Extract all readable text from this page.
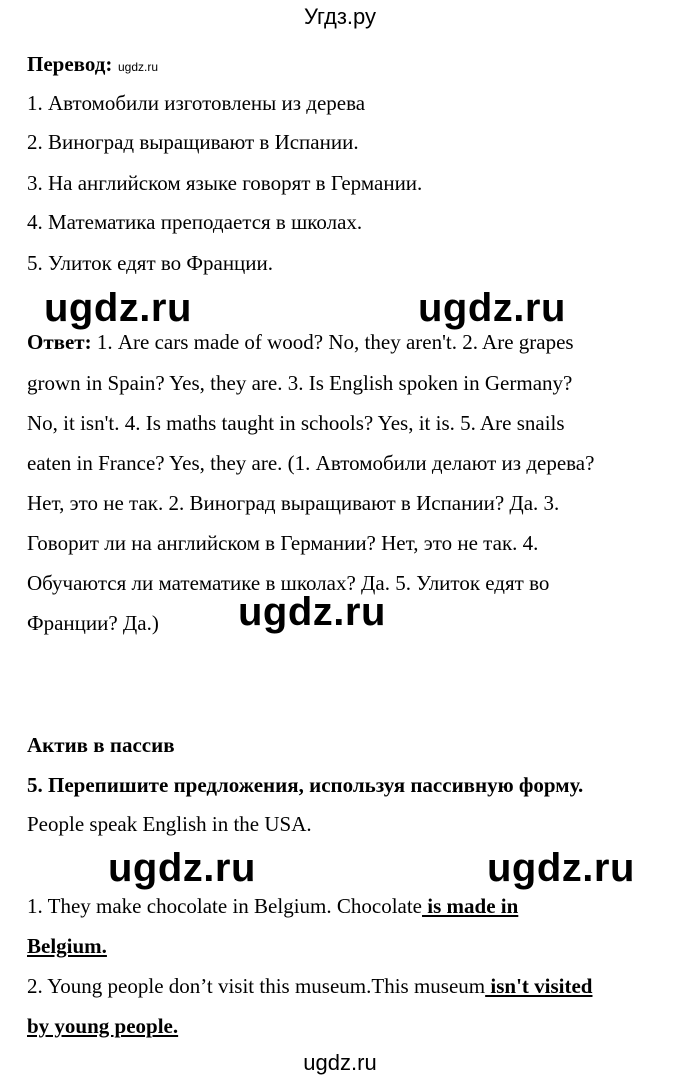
Угдз.ру
Перевод: ugdz.ru
1. Автомобили изготовлены из дерева
2. Виноград выращивают в Испании.
3. На английском языке говорят в Германии.
4. Математика преподается в школах.
5. Улиток едят во Франции.
ugdz.ru	ugdz.ru
Ответ: 1. Are cars made of wood? No, they aren't. 2. Are grapes
grown in Spain? Yes, they are. 3. Is English spoken in Germany?
No, it isn't. 4. Is maths taught in schools? Yes, it is. 5. Are snails
eaten in France? Yes, they are. (1. Автомобили делают из дерева?
Нет, это не так. 2. Виноград выращивают в Испании? Да. 3.
Говорит ли на английском в Германии? Нет, это не так. 4.
Обучаются ли математике в школах? Да. 5. Улиток едят во
Франции? Да.) ugdz.ru
Актив в пассив
5. Перепишите предложения, используя пассивную форму.
People speak English in the USA.
ugdz.ru	ugdz.ru
1. They make chocolate in Belgium. Chocolate is made in
Belgium.
2. Young people don’t visit this museum.This museum isn't visited
by young people.
ugdz.ru
